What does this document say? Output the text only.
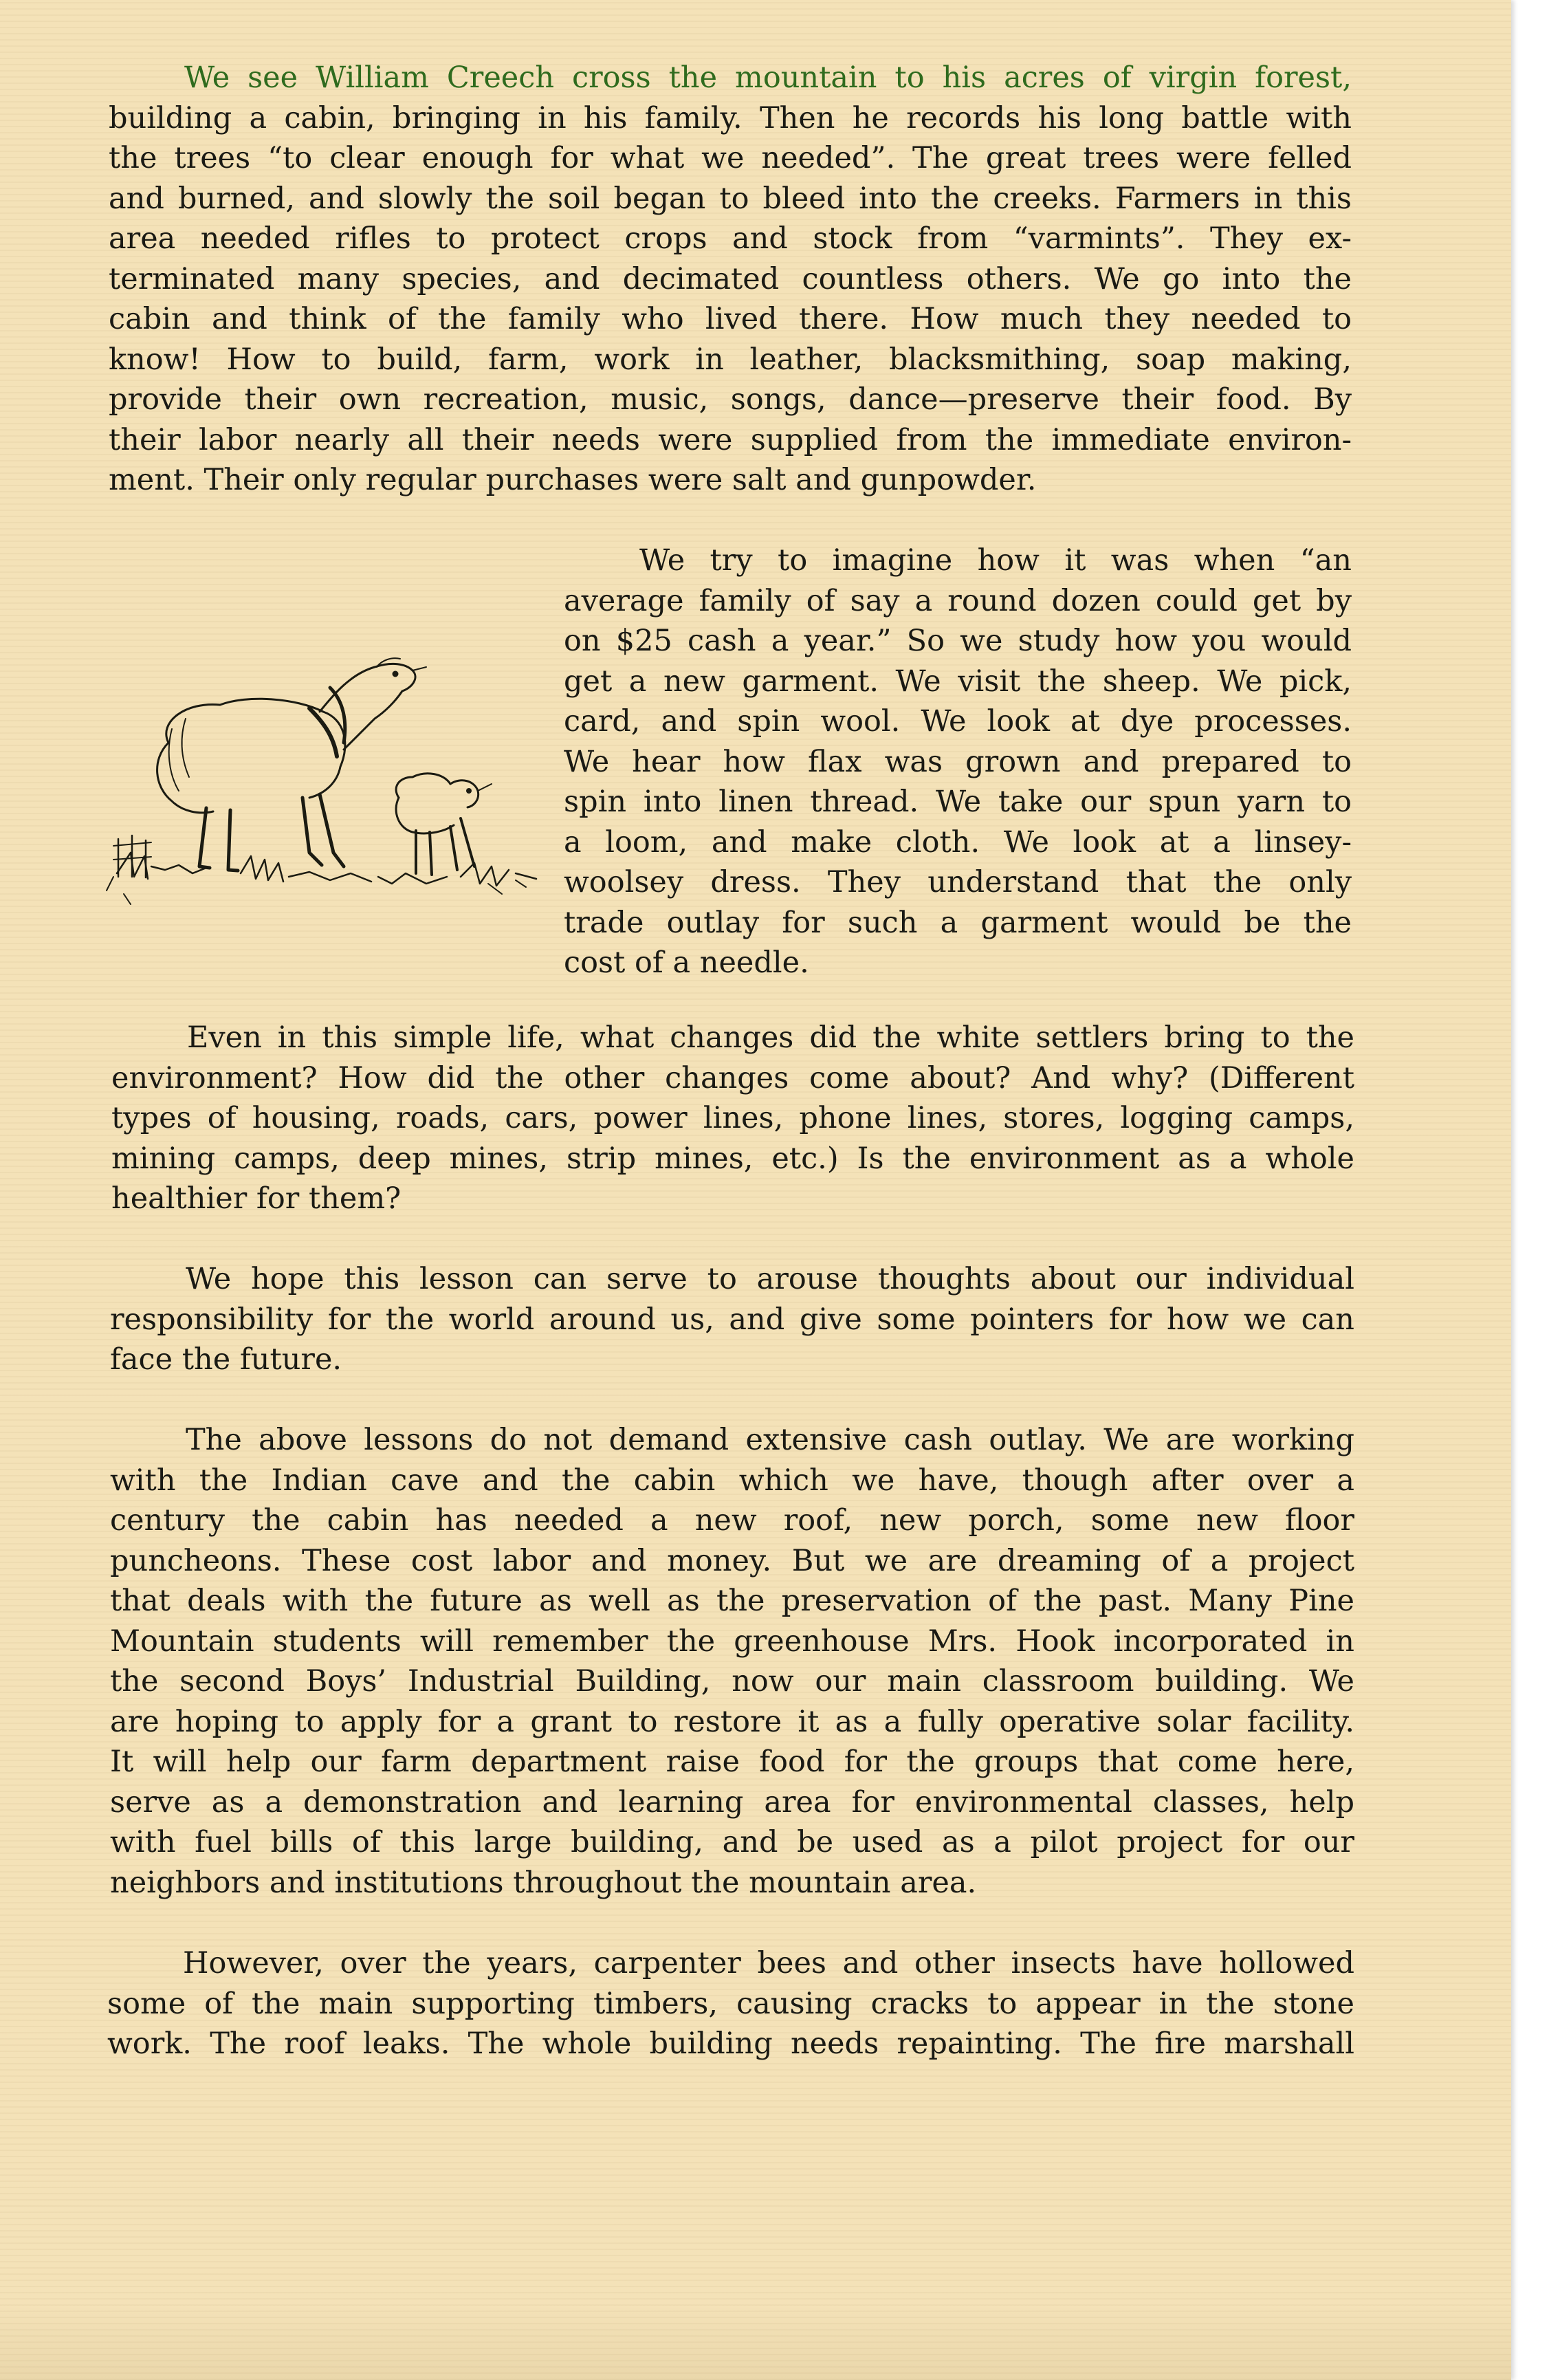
We see William Creech cross the mountain to his acres of virgin forest,
building a cabin, bringing in his family. Then he records his long battle with
the trees “to clear enough for what we needed”. The great trees were felled
and burned, and slowly the soil began to bleed into the creeks. Farmers in this
area needed rifles to protect crops and stock from “varmints”. They ex-
terminated many species, and decimated countless others. We go into the
cabin and think of the family who lived there. How much they needed to
know! How to build, farm, work in leather, blacksmithing, soap making,
provide their own recreation, music, songs, dance—preserve their food. By
their labor nearly all their needs were supplied from the immediate environ-
ment. Their only regular purchases were salt and gunpowder.
We try to imagine how it was when “an
average family of say a round dozen could get by
on $25 cash a year.” So we study how you would
get a new garment. We visit the sheep. We pick,
card, and spin wool. We look at dye processes.
We hear how flax was grown and prepared to
spin into linen thread. We take our spun yarn to
a loom, and make cloth. We look at a linsey-
woolsey dress. They understand that the only
trade outlay for such a garment would be the
cost of a needle.
Even in this simple life, what changes did the white settlers bring to the
environment? How did the other changes come about? And why? (Different
types of housing, roads, cars, power lines, phone lines, stores, logging camps,
mining camps, deep mines, strip mines, etc.) Is the environment as a whole
healthier for them?
We hope this lesson can serve to arouse thoughts about our individual
responsibility for the world around us, and give some pointers for how we can
face the future.
The above lessons do not demand extensive cash outlay. We are working
with the Indian cave and the cabin which we have, though after over a
century the cabin has needed a new roof, new porch, some new floor
puncheons. These cost labor and money. But we are dreaming of a project
that deals with the future as well as the preservation of the past. Many Pine
Mountain students will remember the greenhouse Mrs. Hook incorporated in
the second Boys’ Industrial Building, now our main classroom building. We
are hoping to apply for a grant to restore it as a fully operative solar facility.
It will help our farm department raise food for the groups that come here,
serve as a demonstration and learning area for environmental classes, help
with fuel bills of this large building, and be used as a pilot project for our
neighbors and institutions throughout the mountain area.
However, over the years, carpenter bees and other insects have hollowed
some of the main supporting timbers, causing cracks to appear in the stone
work. The roof leaks. The whole building needs repainting. The fire marshall
